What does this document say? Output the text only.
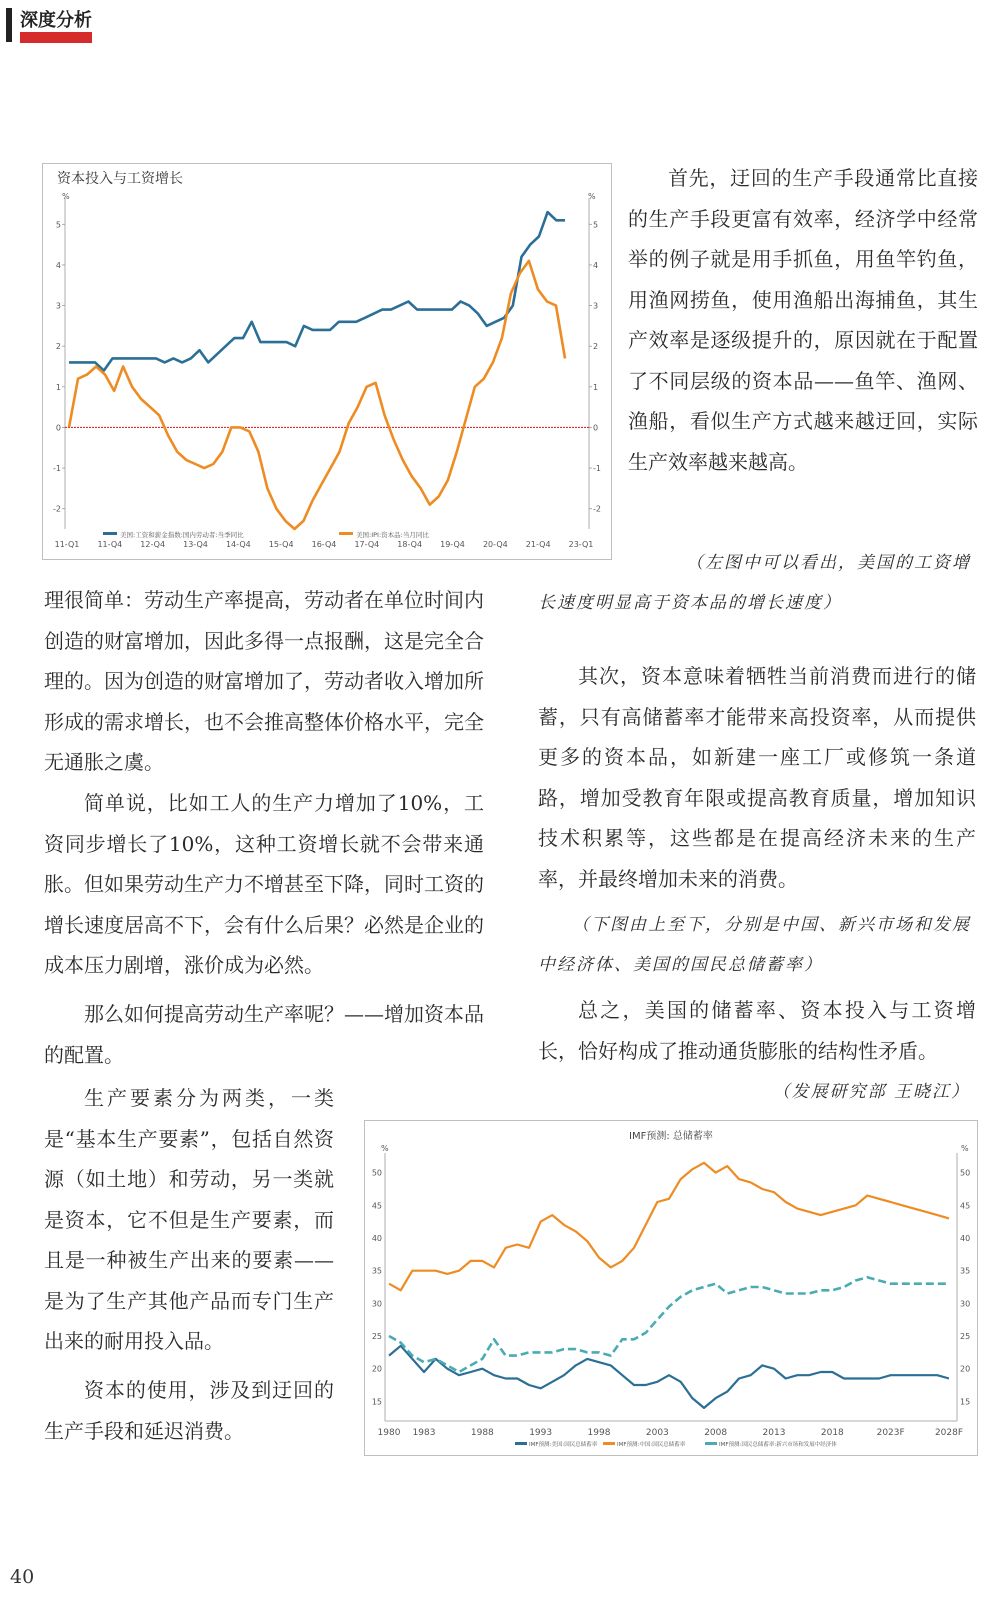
深度分析
资本投入与工资增长
%	%
5	5
4	4
3	3
2	2
1	1
0	0
-1	-1
-2	-2
11-Q1 11-Q4 12-Q4 13-Q4 14-Q4 15-Q4 16-Q4 17-Q4 18-Q4 19-Q4 20-Q4 21-Q4 23-Q1
美国:工资和薪金指数:国内劳动者:当季同比	美国:IPI:资本品:当月同比

首先，迂回的生产手段通常比直接的生产手段更富有效率，经济学中经常举的例子就是用手抓鱼，用鱼竿钓鱼，用渔网捞鱼，使用渔船出海捕鱼，其生产效率是逐级提升的，原因就在于配置了不同层级的资本品——鱼竿、渔网、渔船，看似生产方式越来越迂回，实际生产效率越来越高。

（左图中可以看出，美国的工资增长速度明显高于资本品的增长速度）

理很简单：劳动生产率提高，劳动者在单位时间内创造的财富增加，因此多得一点报酬，这是完全合理的。因为创造的财富增加了，劳动者收入增加所形成的需求增长，也不会推高整体价格水平，完全无通胀之虞。

简单说，比如工人的生产力增加了10%，工资同步增长了10%，这种工资增长就不会带来通胀。但如果劳动生产力不增甚至下降，同时工资的增长速度居高不下，会有什么后果？必然是企业的成本压力剧增，涨价成为必然。

那么如何提高劳动生产率呢？——增加资本品的配置。

生产要素分为两类，一类是“基本生产要素”，包括自然资源（如土地）和劳动，另一类就是资本，它不但是生产要素，而且是一种被生产出来的要素——是为了生产其他产品而专门生产出来的耐用投入品。

资本的使用，涉及到迂回的生产手段和延迟消费。

其次，资本意味着牺牲当前消费而进行的储蓄，只有高储蓄率才能带来高投资率，从而提供更多的资本品，如新建一座工厂或修筑一条道路，增加受教育年限或提高教育质量，增加知识技术积累等，这些都是在提高经济未来的生产率，并最终增加未来的消费。

（下图由上至下，分别是中国、新兴市场和发展中经济体、美国的国民总储蓄率）

总之，美国的储蓄率、资本投入与工资增长，恰好构成了推动通货膨胀的结构性矛盾。

（发展研究部 王晓江）

IMF预测: 总储蓄率
%	%
50	50
45	45
40	40
35	35
30	30
25	25
20	20
15	15
1980 1983	1988	1993	1998	2003	2008	2013	2018	2023F	2028F
IMF预测:美国:国民总储蓄率	IMF预测:中国:国民总储蓄率	IMF预测:国民总储蓄率:新兴市场和发展中经济体
40
